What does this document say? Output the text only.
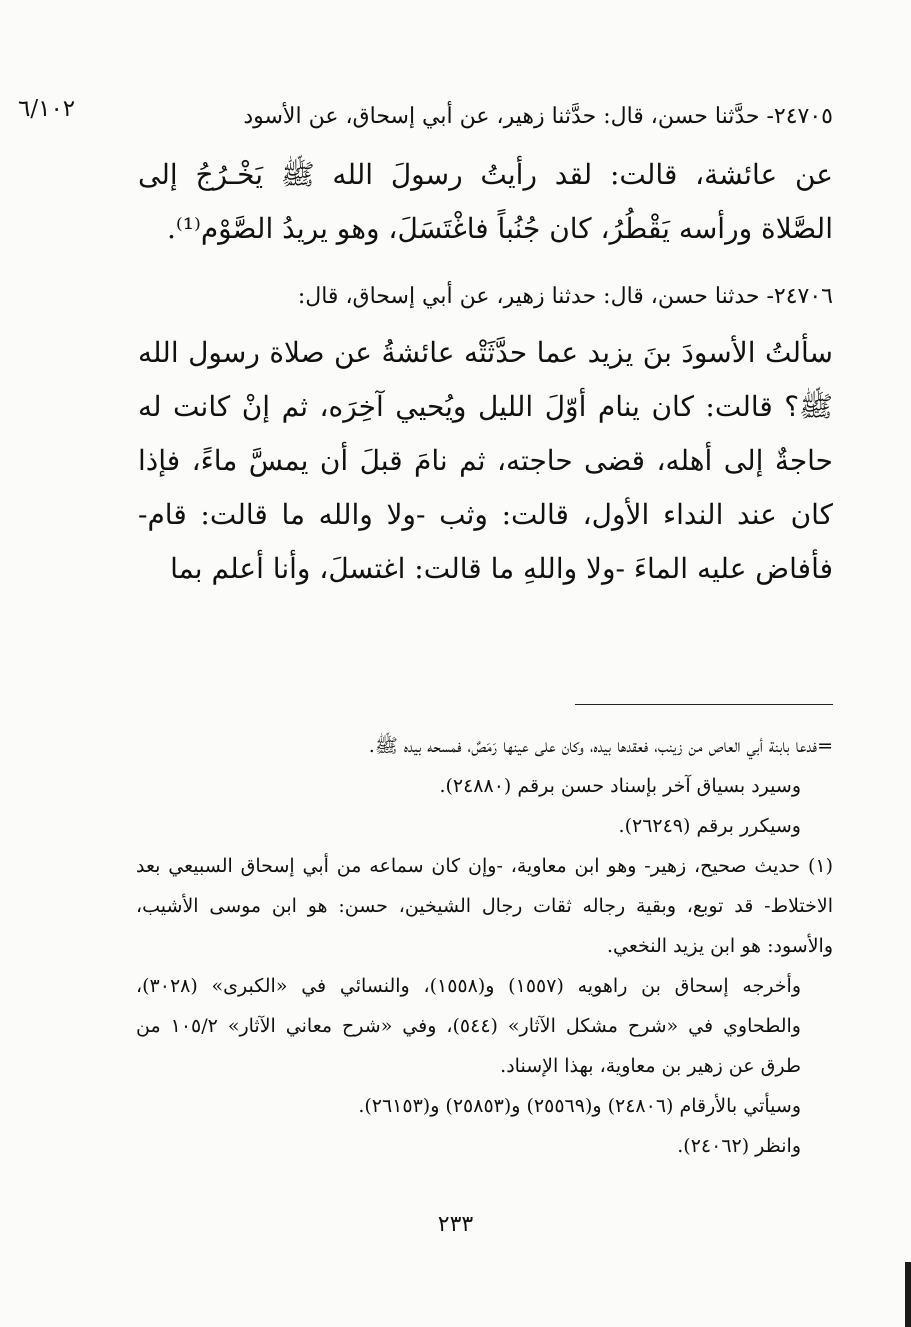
٦/١٠٢	٢٤٧٠٥- حدَّثنا حسن، قال: حدَّثنا زهير، عن أبي إسحاق، عن الأسود

عن عائشة، قالت: لقد رأيتُ رسولَ الله ﷺ يَخْـرُجُ إلى الصَّلاة ورأسه يَقْطُرُ، كان جُنُباً فاغْتَسَلَ، وهو يريدُ الصَّوْم⁽¹⁾.

٢٤٧٠٦- حدثنا حسن، قال: حدثنا زهير، عن أبي إسحاق، قال:

سألتُ الأسودَ بنَ يزيد عما حدَّثَتْه عائشةُ عن صلاة رسول الله ﷺ؟ قالت: كان ينام أوّلَ الليل ويُحيي آخِرَه، ثم إنْ كانت له حاجةٌ إلى أهله، قضى حاجته، ثم نامَ قبلَ أن يمسَّ ماءً، فإذا كان عند النداء الأول، قالت: وثب -ولا والله ما قالت: قام- فأفاض عليه الماءَ -ولا واللهِ ما قالت: اغتسلَ، وأنا أعلم بما

=فدعا بابنة أبي العاص من زينب، فعقدها بيده، وكان على عينها رَمَصٌ، فمسحه بيده ﷺ.

وسيرد بسياق آخر بإسناد حسن برقم (٢٤٨٨٠).

وسيكرر برقم (٢٦٢٤٩).

(١) حديث صحيح، زهير- وهو ابن معاوية، -وإن كان سماعه من أبي إسحاق السبيعي بعد الاختلاط- قد توبع، وبقية رجاله ثقات رجال الشيخين، حسن: هو ابن موسى الأشيب، والأسود: هو ابن يزيد النخعي.

وأخرجه إسحاق بن راهويه (١٥٥٧) و(١٥٥٨)، والنسائي في «الكبرى» (٣٠٢٨)، والطحاوي في «شرح مشكل الآثار» (٥٤٤)، وفي «شرح معاني الآثار» ١٠٥/٢ من طرق عن زهير بن معاوية، بهذا الإسناد.

وسيأتي بالأرقام (٢٤٨٠٦) و(٢٥٥٦٩) و(٢٥٨٥٣) و(٢٦١٥٣).

وانظر (٢٤٠٦٢).

٢٣٣
